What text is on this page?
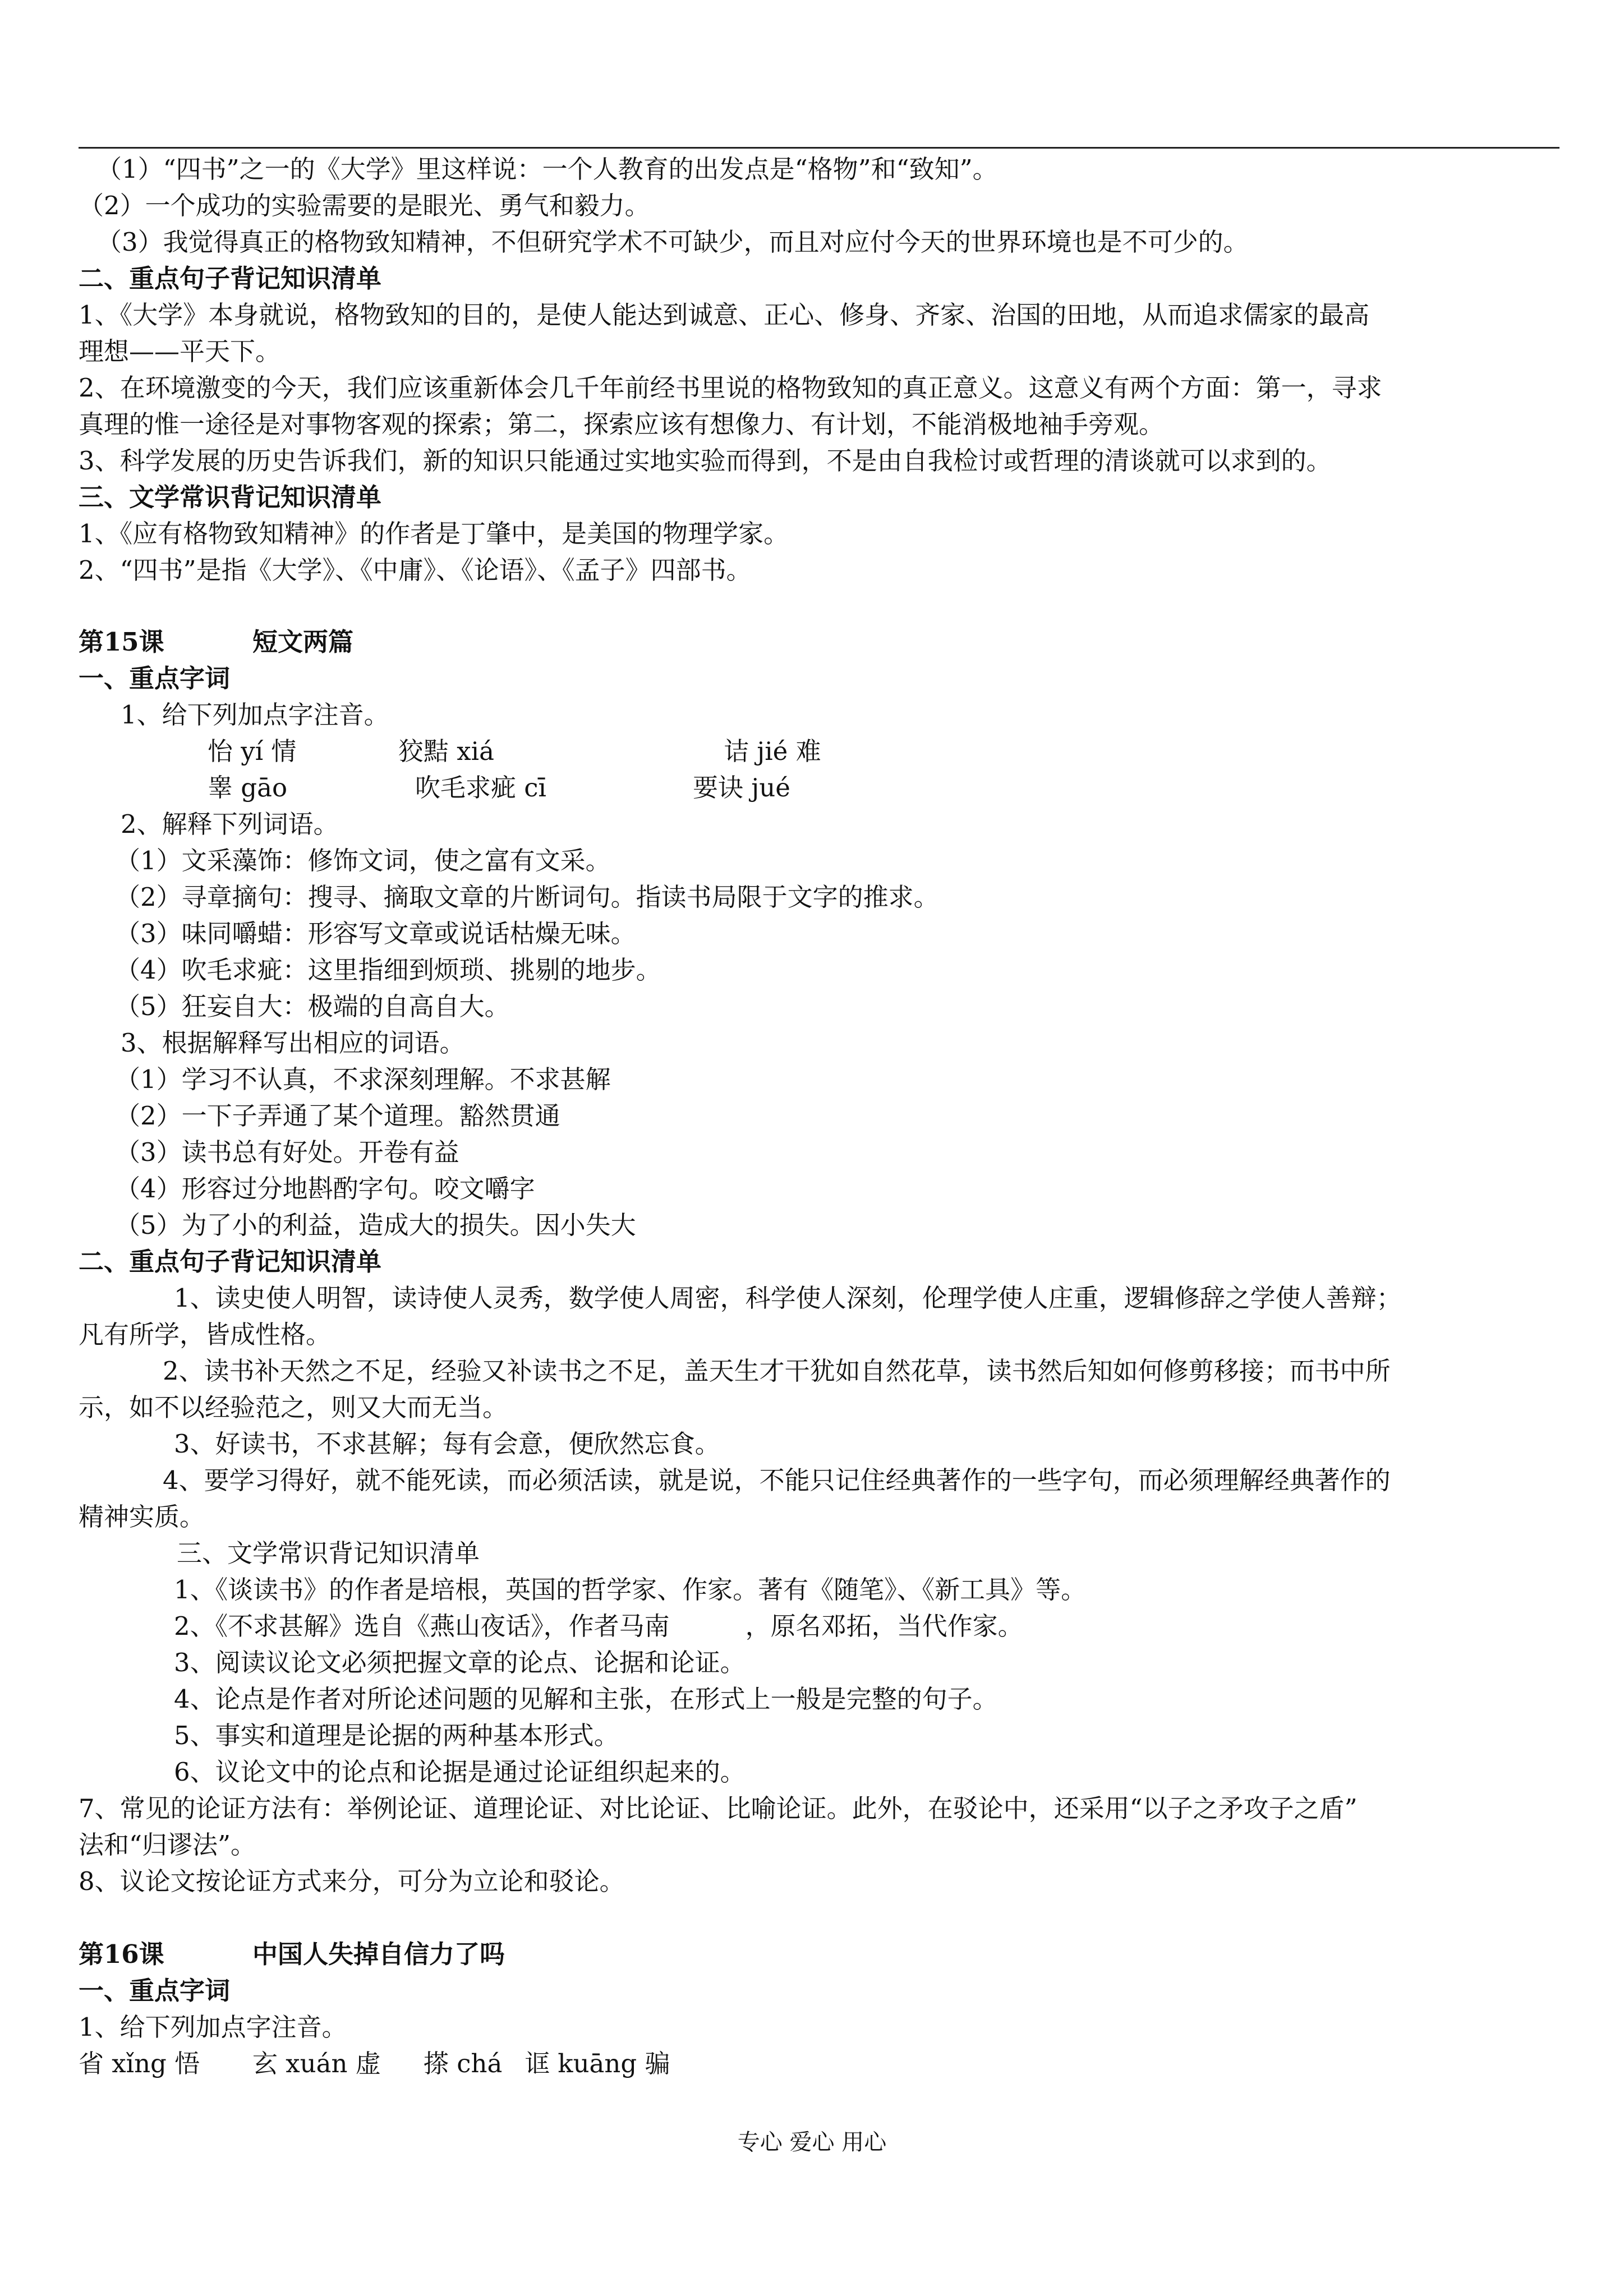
（1）“四书”之一的《大学》里这样说：一个人教育的出发点是“格物”和“致知”。
（2）一个成功的实验需要的是眼光、勇气和毅力。
（3）我觉得真正的格物致知精神，不但研究学术不可缺少，而且对应付今天的世界环境也是不可少的。
二、重点句子背记知识清单
1、《大学》本身就说，格物致知的目的，是使人能达到诚意、正心、修身、齐家、治国的田地，从而追求儒家的最高
理想——平天下。
2、在环境激变的今天，我们应该重新体会几千年前经书里说的格物致知的真正意义。这意义有两个方面：第一，寻求
真理的惟一途径是对事物客观的探索；第二，探索应该有想像力、有计划，不能消极地袖手旁观。
3、科学发展的历史告诉我们，新的知识只能通过实地实验而得到，不是由自我检讨或哲理的清谈就可以求到的。
三、文学常识背记知识清单
1、《应有格物致知精神》的作者是丁肇中，是美国的物理学家。
2、“四书”是指《大学》、《中庸》、《论语》、《孟子》四部书。
第15课	短文两篇
一、重点字词
1、给下列加点字注音。
怡 yí 情	狡黠 xiá	诘 jié 难
睾 gāo	吹毛求疵 cī	要诀 jué
2、解释下列词语。
（1）文采藻饰：修饰文词，使之富有文采。
（2）寻章摘句：搜寻、摘取文章的片断词句。指读书局限于文字的推求。
（3）味同嚼蜡：形容写文章或说话枯燥无味。
（4）吹毛求疵：这里指细到烦琐、挑剔的地步。
（5）狂妄自大：极端的自高自大。
3、根据解释写出相应的词语。
（1）学习不认真，不求深刻理解。不求甚解
（2）一下子弄通了某个道理。豁然贯通
（3）读书总有好处。开卷有益
（4）形容过分地斟酌字句。咬文嚼字
（5）为了小的利益，造成大的损失。因小失大
二、重点句子背记知识清单
1、读史使人明智，读诗使人灵秀，数学使人周密，科学使人深刻，伦理学使人庄重，逻辑修辞之学使人善辩；
凡有所学，皆成性格。
2、读书补天然之不足，经验又补读书之不足，盖天生才干犹如自然花草，读书然后知如何修剪移接；而书中所
示，如不以经验范之，则又大而无当。
3、好读书，不求甚解；每有会意，便欣然忘食。
4、要学习得好，就不能死读，而必须活读，就是说，不能只记住经典著作的一些字句，而必须理解经典著作的
精神实质。
三、文学常识背记知识清单
1、《谈读书》的作者是培根，英国的哲学家、作家。著有《随笔》、《新工具》等。
2、《不求甚解》选自《燕山夜话》，作者马南　　　，原名邓拓，当代作家。
3、阅读议论文必须把握文章的论点、论据和论证。
4、论点是作者对所论述问题的见解和主张，在形式上一般是完整的句子。
5、事实和道理是论据的两种基本形式。
6、议论文中的论点和论据是通过论证组织起来的。
7、常见的论证方法有：举例论证、道理论证、对比论证、比喻论证。此外，在驳论中，还采用“以子之矛攻子之盾”
法和“归谬法”。
8、议论文按论证方式来分，可分为立论和驳论。
第16课	中国人失掉自信力了吗
一、重点字词
1、给下列加点字注音。
省 xǐng 悟 玄 xuán 虚 搽 chá 诓 kuāng 骗
专心 爱心 用心
